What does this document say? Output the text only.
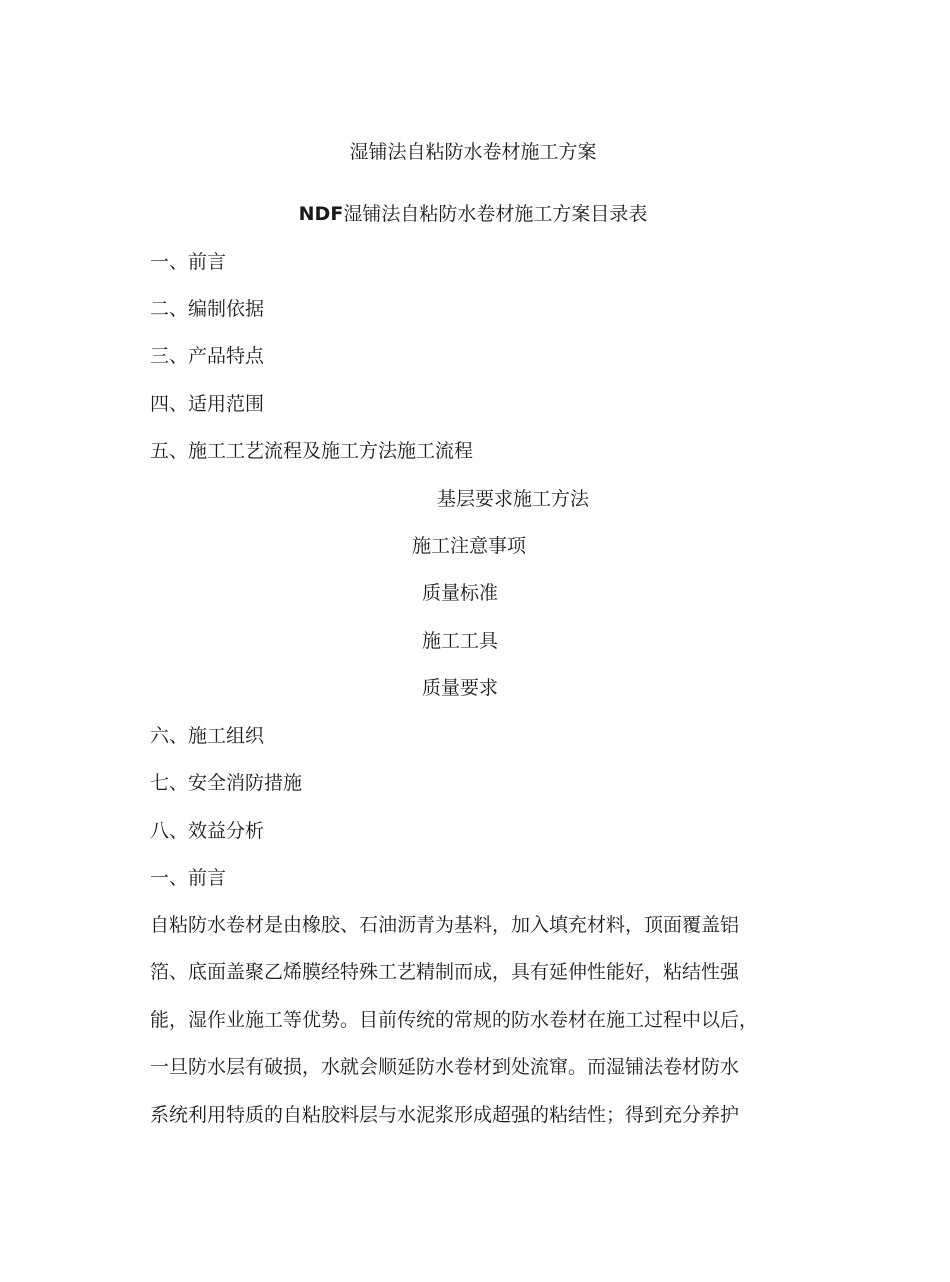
湿铺法自粘防水卷材施工方案
NDF湿铺法自粘防水卷材施工方案目录表
一、前言
二、编制依据
三、产品特点
四、适用范围
五、施工工艺流程及施工方法施工流程
基层要求施工方法
施工注意事项
质量标准
施工工具
质量要求
六、施工组织
七、安全消防措施
八、效益分析
一、前言
自粘防水卷材是由橡胶、石油沥青为基料，加入填充材料，顶面覆盖铝
箔、底面盖聚乙烯膜经特殊工艺精制而成，具有延伸性能好，粘结性强
能，湿作业施工等优势。目前传统的常规的防水卷材在施工过程中以后，
一旦防水层有破损，水就会顺延防水卷材到处流窜。而湿铺法卷材防水
系统利用特质的自粘胶料层与水泥浆形成超强的粘结性；得到充分养护
